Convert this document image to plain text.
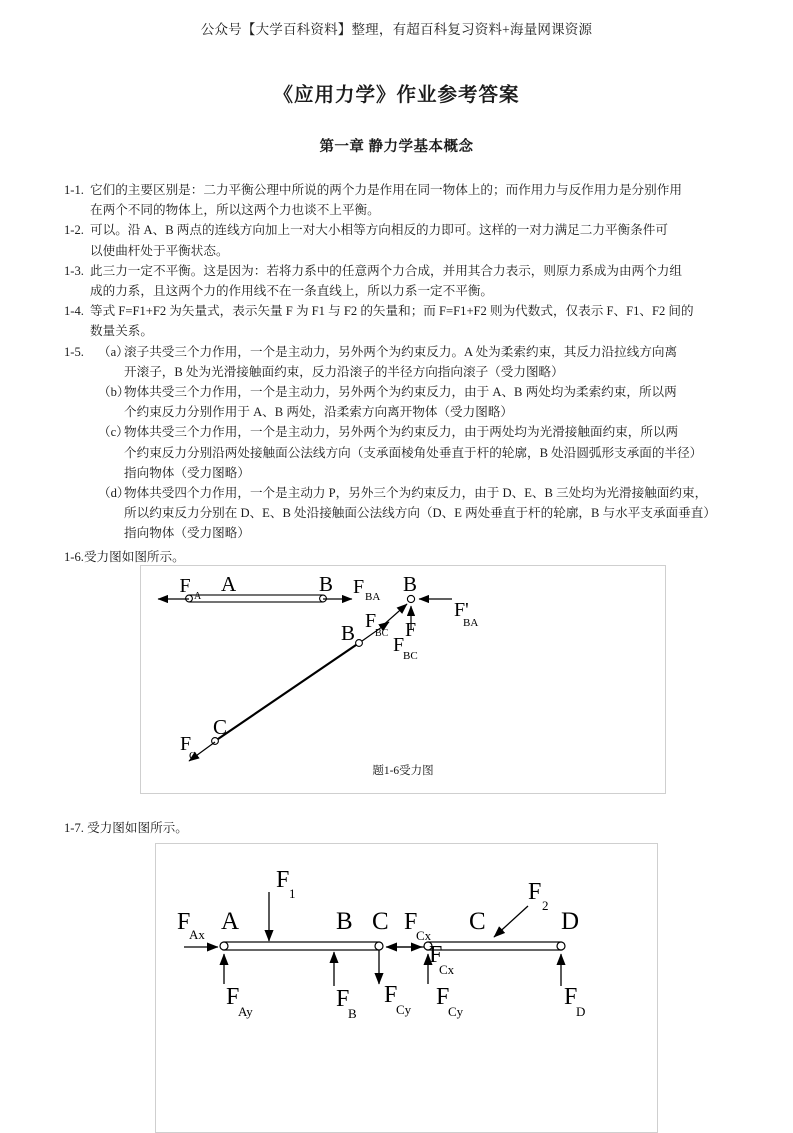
公众号【大学百科资料】整理，有超百科复习资料+海量网课资源
《应用力学》作业参考答案
第一章 静力学基本概念
1-1. 它们的主要区别是：二力平衡公理中所说的两个力是作用在同一物体上的；而作用力与反作用力是分别作用
在两个不同的物体上，所以这两个力也谈不上平衡。
1-2. 可以。沿 A、B 两点的连线方向加上一对大小相等方向相反的力即可。这样的一对力满足二力平衡条件可
以使曲杆处于平衡状态。
1-3. 此三力一定不平衡。这是因为：若将力系中的任意两个力合成，并用其合力表示，则原力系成为由两个力组
成的力系，且这两个力的作用线不在一条直线上，所以力系一定不平衡。
1-4. 等式 F=F1+F2 为矢量式，表示矢量 F 为 F1 与 F2 的矢量和；而 F=F1+F2 则为代数式，仅表示 F、F1、F2 间的
数量关系。
1-5. （a）
滚子共受三个力作用，一个是主动力，另外两个为约束反力。A 处为柔索约束，其反力沿拉线方向离
开滚子，B 处为光滑接触面约束，反力沿滚子的半径方向指向滚子（受力图略）
（b）
物体共受三个力作用，一个是主动力，另外两个为约束反力，由于 A、B 两处均为柔索约束，所以两
个约束反力分别作用于 A、B 两处，沿柔索方向离开物体（受力图略）
（c）
物体共受三个力作用，一个是主动力，另外两个为约束反力，由于两处均为光滑接触面约束，所以两
个约束反力分别沿两处接触面公法线方向（支承面棱角处垂直于杆的轮廓，B 处沿圆弧形支承面的半径）
指向物体（受力图略）
（d）
物体共受四个力作用，一个是主动力 P，另外三个为约束反力，由于 D、E、B 三处均为光滑接触面约束，
所以约束反力分别在 D、E、B 处沿接触面公法线方向（D、E 两处垂直于杆的轮廓，B 与水平支承面垂直）
指向物体（受力图略）
1-6.受力图如图所示。
F A
A	B F BA
B
F'
BA
F
BC F
B F
BC
C
F
C
题1-6受力图
1-7. 受力图如图所示。
F
Ax A
F
1
B C F
Cx
F
Cx
C
F
2
D
F
Ay	F
B
F
Cy F
Cy
F
D
